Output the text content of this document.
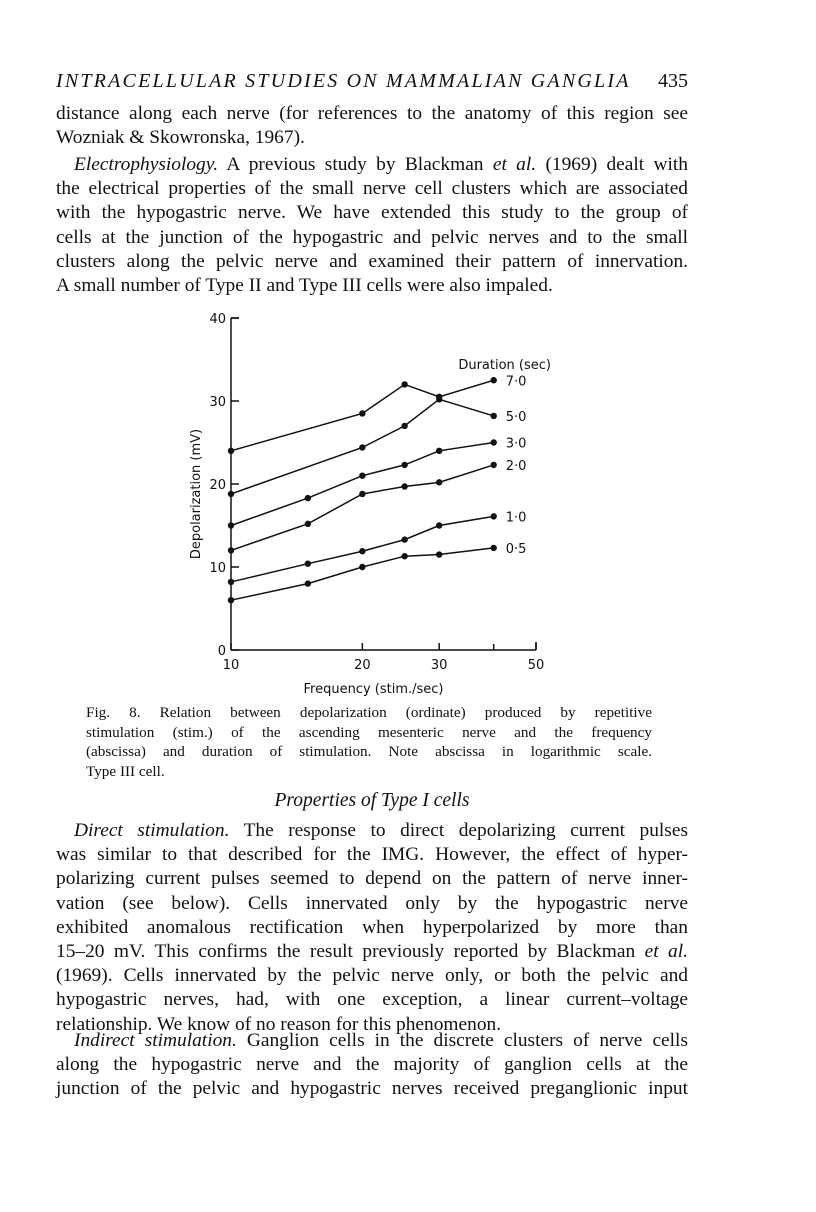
INTRACELLULAR STUDIES ON MAMMALIAN GANGLIA 435

distance along each nerve (for references to the anatomy of this region see
Wozniak & Skowronska, 1967).

Electrophysiology. A previous study by Blackman et al. (1969) dealt with
the electrical properties of the small nerve cell clusters which are associated
with the hypogastric nerve. We have extended this study to the group of
cells at the junction of the hypogastric and pelvic nerves and to the small
clusters along the pelvic nerve and examined their pattern of innervation.
A small number of Type II and Type III cells were also impaled.

0
10
20
30
40
10	20	30	50
Frequency (stim./sec)
Depolarization (mV)
Duration (sec)
7·0
5·0
3·0
2·0
1·0
0·5

Fig. 8. Relation between depolarization (ordinate) produced by repetitive
stimulation (stim.) of the ascending mesenteric nerve and the frequency
(abscissa) and duration of stimulation. Note abscissa in logarithmic scale.
Type III cell.

Properties of Type I cells

Direct stimulation. The response to direct depolarizing current pulses
was similar to that described for the IMG. However, the effect of hyper-
polarizing current pulses seemed to depend on the pattern of nerve inner-
vation (see below). Cells innervated only by the hypogastric nerve
exhibited anomalous rectification when hyperpolarized by more than
15–20 mV. This confirms the result previously reported by Blackman et al.
(1969). Cells innervated by the pelvic nerve only, or both the pelvic and
hypogastric nerves, had, with one exception, a linear current–voltage
relationship. We know of no reason for this phenomenon.

Indirect stimulation. Ganglion cells in the discrete clusters of nerve cells
along the hypogastric nerve and the majority of ganglion cells at the
junction of the pelvic and hypogastric nerves received preganglionic input
